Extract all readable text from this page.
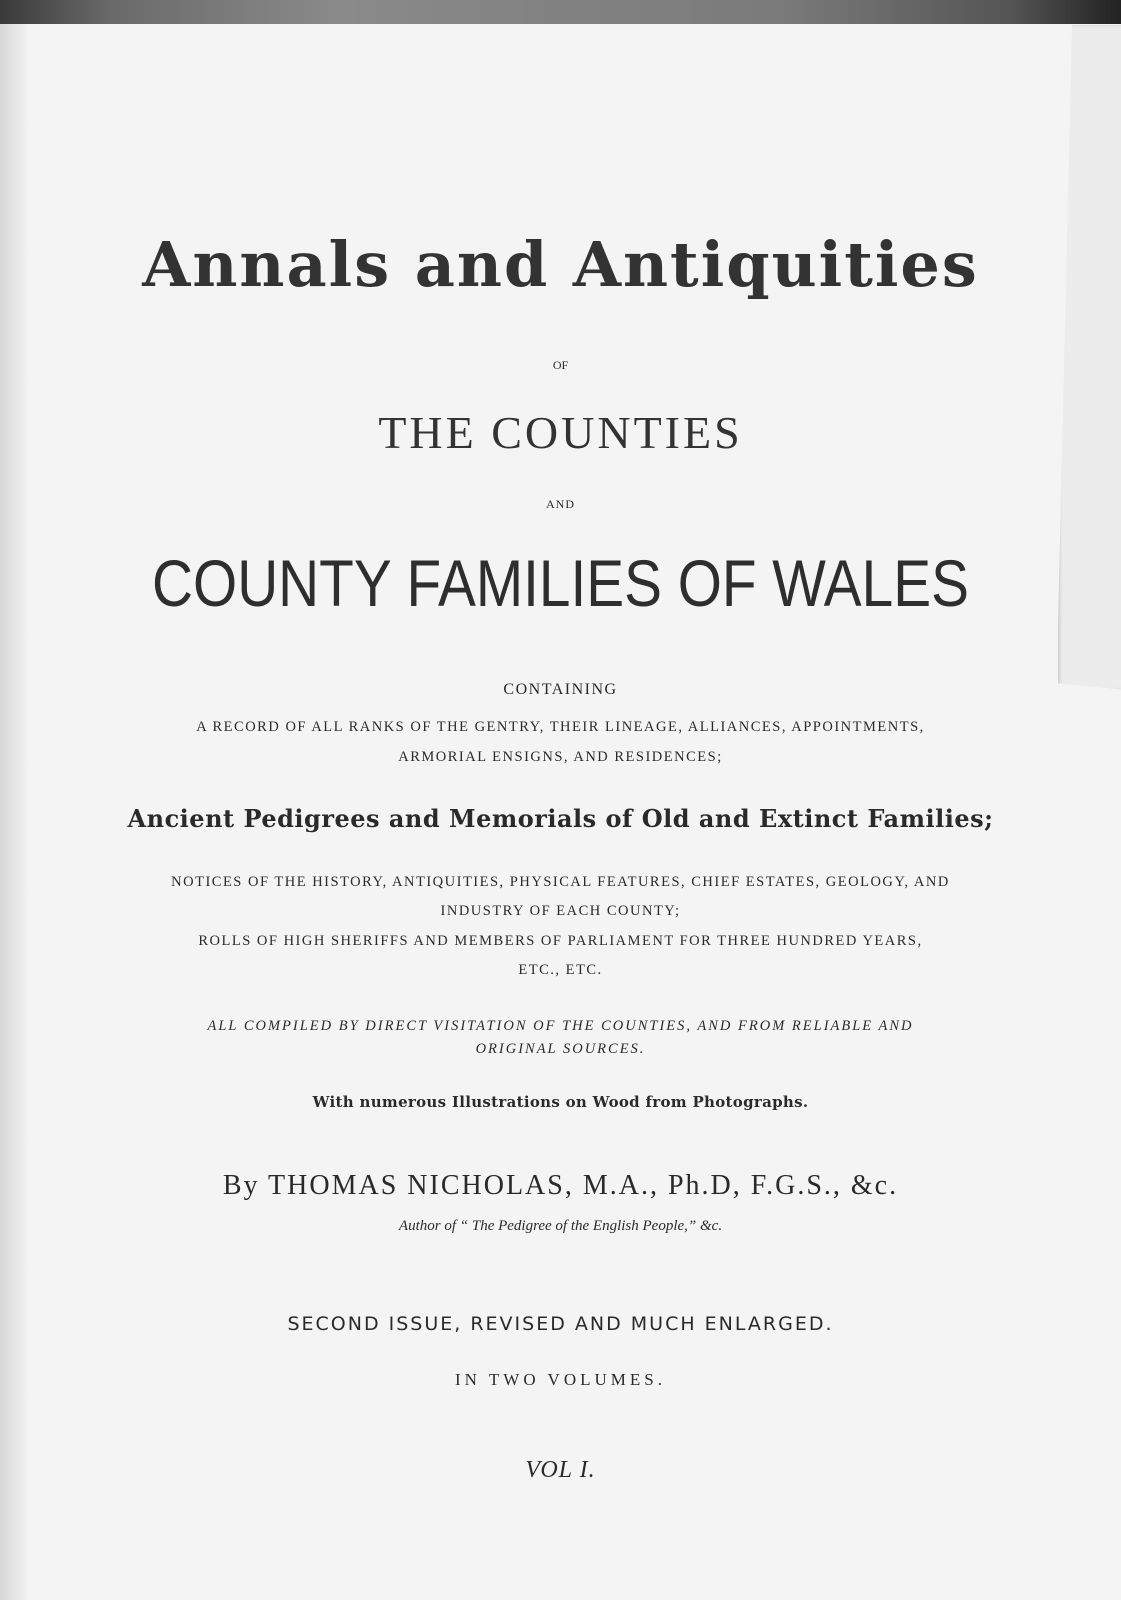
Annals and Antiquities
OF
THE COUNTIES
AND
COUNTY FAMILIES OF WALES
CONTAINING
A RECORD OF ALL RANKS OF THE GENTRY, THEIR LINEAGE, ALLIANCES, APPOINTMENTS,
ARMORIAL ENSIGNS, AND RESIDENCES;
Ancient Pedigrees and Memorials of Old and Extinct Families;
NOTICES OF THE HISTORY, ANTIQUITIES, PHYSICAL FEATURES, CHIEF ESTATES, GEOLOGY, AND
INDUSTRY OF EACH COUNTY;
ROLLS OF HIGH SHERIFFS AND MEMBERS OF PARLIAMENT FOR THREE HUNDRED YEARS,
ETC., ETC.
ALL COMPILED BY DIRECT VISITATION OF THE COUNTIES, AND FROM RELIABLE AND
ORIGINAL SOURCES.
With numerous Illustrations on Wood from Photographs.
By THOMAS NICHOLAS, M.A., Ph.D, F.G.S., &c.
Author of “ The Pedigree of the English People,” &c.
SECOND ISSUE, REVISED AND MUCH ENLARGED.
IN TWO VOLUMES.
VOL I.
